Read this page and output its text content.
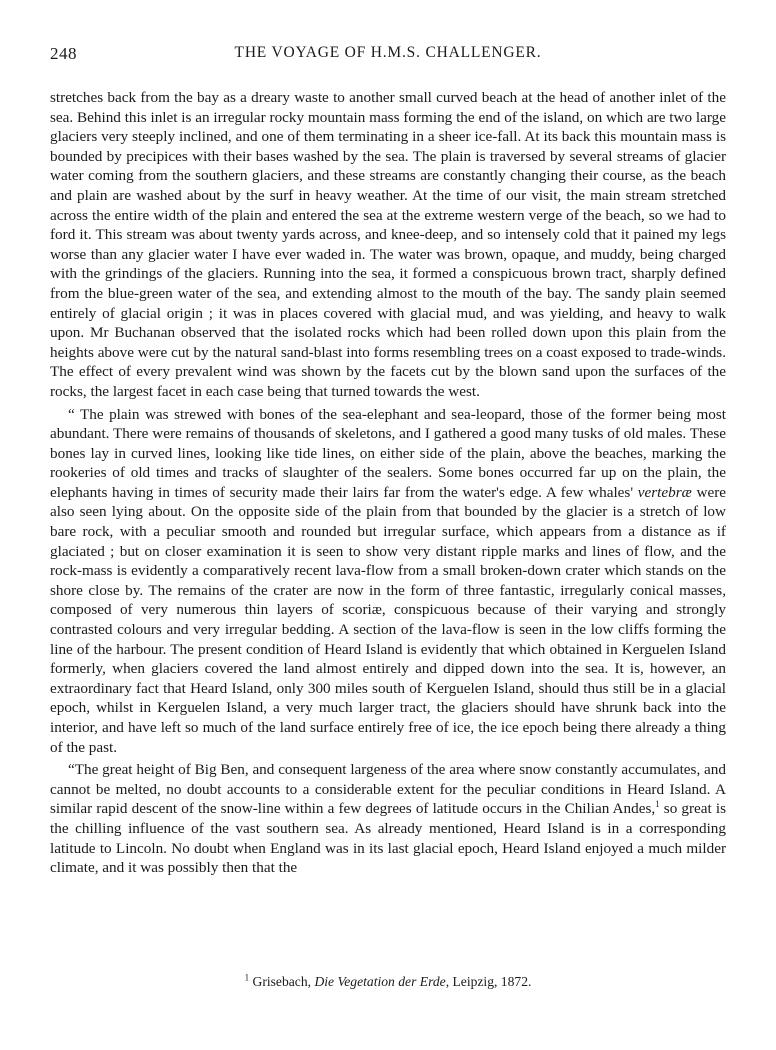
248	THE VOYAGE OF H.M.S. CHALLENGER.

stretches back from the bay as a dreary waste to another small curved beach at the head of another inlet of the sea. Behind this inlet is an irregular rocky mountain mass forming the end of the island, on which are two large glaciers very steeply inclined, and one of them terminating in a sheer ice-fall. At its back this mountain mass is bounded by precipices with their bases washed by the sea. The plain is traversed by several streams of glacier water coming from the southern glaciers, and these streams are constantly changing their course, as the beach and plain are washed about by the surf in heavy weather. At the time of our visit, the main stream stretched across the entire width of the plain and entered the sea at the extreme western verge of the beach, so we had to ford it. This stream was about twenty yards across, and knee-deep, and so intensely cold that it pained my legs worse than any glacier water I have ever waded in. The water was brown, opaque, and muddy, being charged with the grindings of the glaciers. Running into the sea, it formed a conspicuous brown tract, sharply defined from the blue-green water of the sea, and extending almost to the mouth of the bay. The sandy plain seemed entirely of glacial origin ; it was in places covered with glacial mud, and was yielding, and heavy to walk upon. Mr Buchanan observed that the isolated rocks which had been rolled down upon this plain from the heights above were cut by the natural sand-blast into forms resembling trees on a coast exposed to trade-winds. The effect of every prevalent wind was shown by the facets cut by the blown sand upon the surfaces of the rocks, the largest facet in each case being that turned towards the west.

“ The plain was strewed with bones of the sea-elephant and sea-leopard, those of the former being most abundant. There were remains of thousands of skeletons, and I gathered a good many tusks of old males. These bones lay in curved lines, looking like tide lines, on either side of the plain, above the beaches, marking the rookeries of old times and tracks of slaughter of the sealers. Some bones occurred far up on the plain, the elephants having in times of security made their lairs far from the water's edge. A few whales' vertebræ were also seen lying about. On the opposite side of the plain from that bounded by the glacier is a stretch of low bare rock, with a peculiar smooth and rounded but irregular surface, which appears from a distance as if glaciated ; but on closer examination it is seen to show very distant ripple marks and lines of flow, and the rock-mass is evidently a comparatively recent lava-flow from a small broken-down crater which stands on the shore close by. The remains of the crater are now in the form of three fantastic, irregularly conical masses, composed of very numerous thin layers of scoriæ, conspicuous because of their varying and strongly contrasted colours and very irregular bedding. A section of the lava-flow is seen in the low cliffs forming the line of the harbour. The present condition of Heard Island is evidently that which obtained in Kerguelen Island formerly, when glaciers covered the land almost entirely and dipped down into the sea. It is, however, an extraordinary fact that Heard Island, only 300 miles south of Kerguelen Island, should thus still be in a glacial epoch, whilst in Kerguelen Island, a very much larger tract, the glaciers should have shrunk back into the interior, and have left so much of the land surface entirely free of ice, the ice epoch being there already a thing of the past.

“The great height of Big Ben, and consequent largeness of the area where snow constantly accumulates, and cannot be melted, no doubt accounts to a considerable extent for the peculiar conditions in Heard Island. A similar rapid descent of the snow-line within a few degrees of latitude occurs in the Chilian Andes,$^1$ so great is the chilling influence of the vast southern sea. As already mentioned, Heard Island is in a corresponding latitude to Lincoln. No doubt when England was in its last glacial epoch, Heard Island enjoyed a much milder climate, and it was possibly then that the

$^1$ Grisebach, Die Vegetation der Erde, Leipzig, 1872.
